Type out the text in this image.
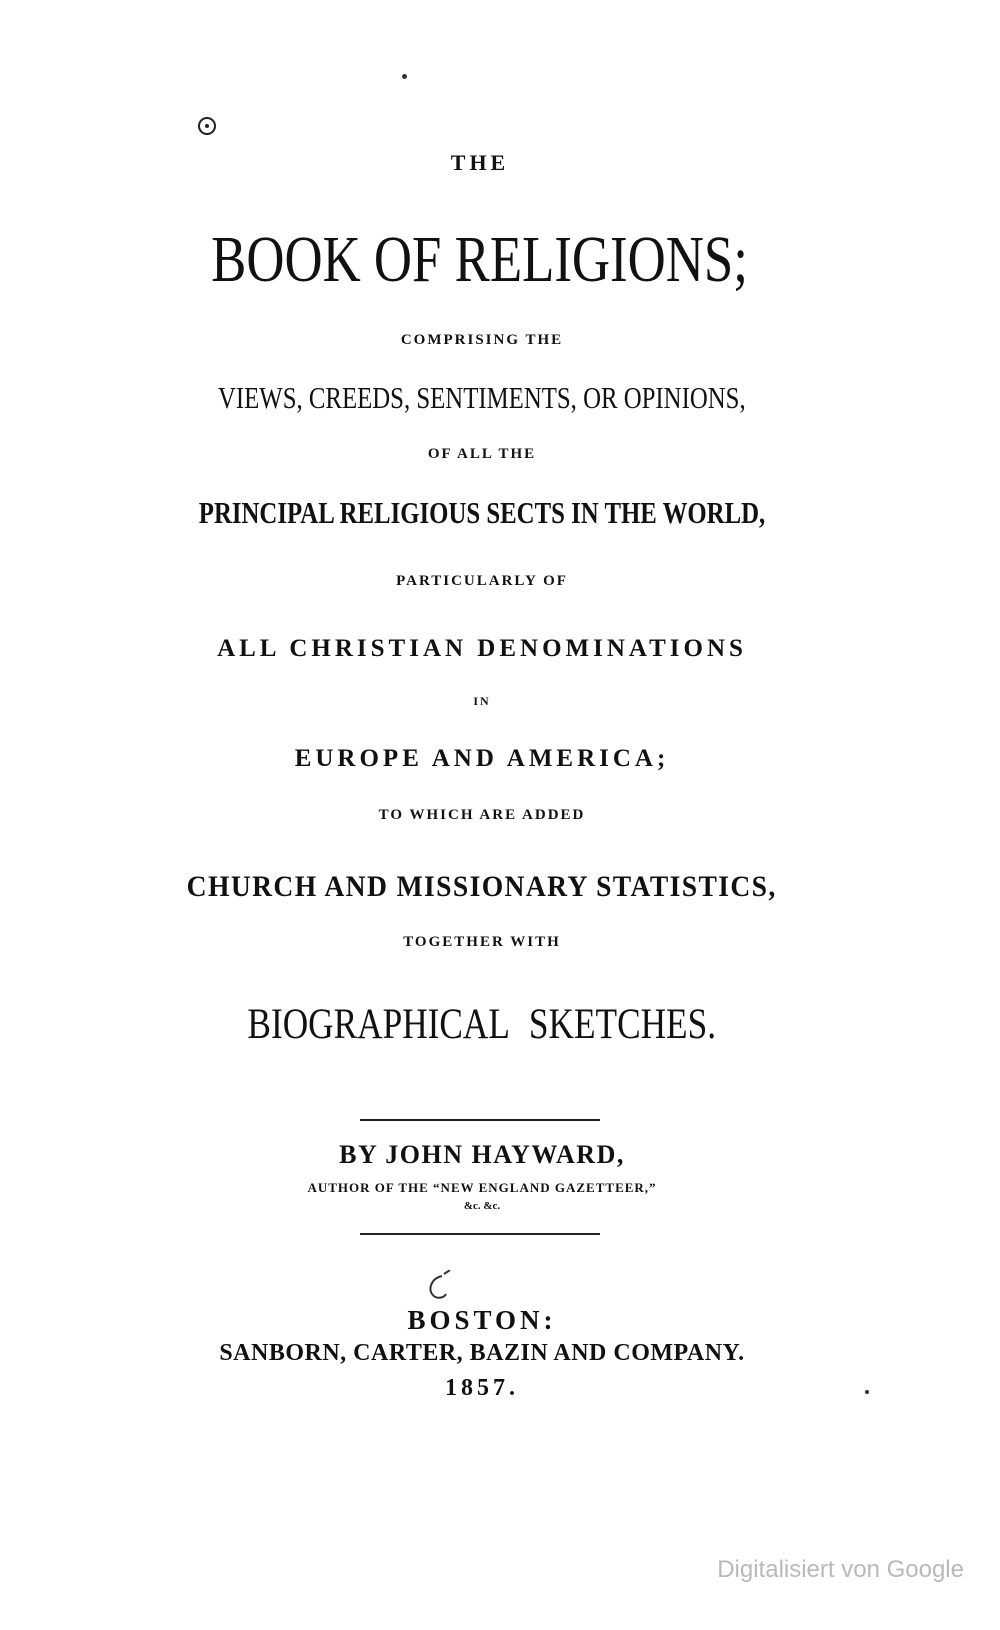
THE

BOOK OF RELIGIONS;

COMPRISING THE

VIEWS, CREEDS, SENTIMENTS, OR OPINIONS,

OF ALL THE

PRINCIPAL RELIGIOUS SECTS IN THE WORLD,

PARTICULARLY OF

ALL CHRISTIAN DENOMINATIONS

IN

EUROPE AND AMERICA;

TO WHICH ARE ADDED

CHURCH AND MISSIONARY STATISTICS,

TOGETHER WITH

BIOGRAPHICAL SKETCHES.

BY JOHN HAYWARD,

AUTHOR OF THE “NEW ENGLAND GAZETTEER,”

&c. &c.

BOSTON:

SANBORN, CARTER, BAZIN AND COMPANY.

1857.

Digitalisiert von Google
